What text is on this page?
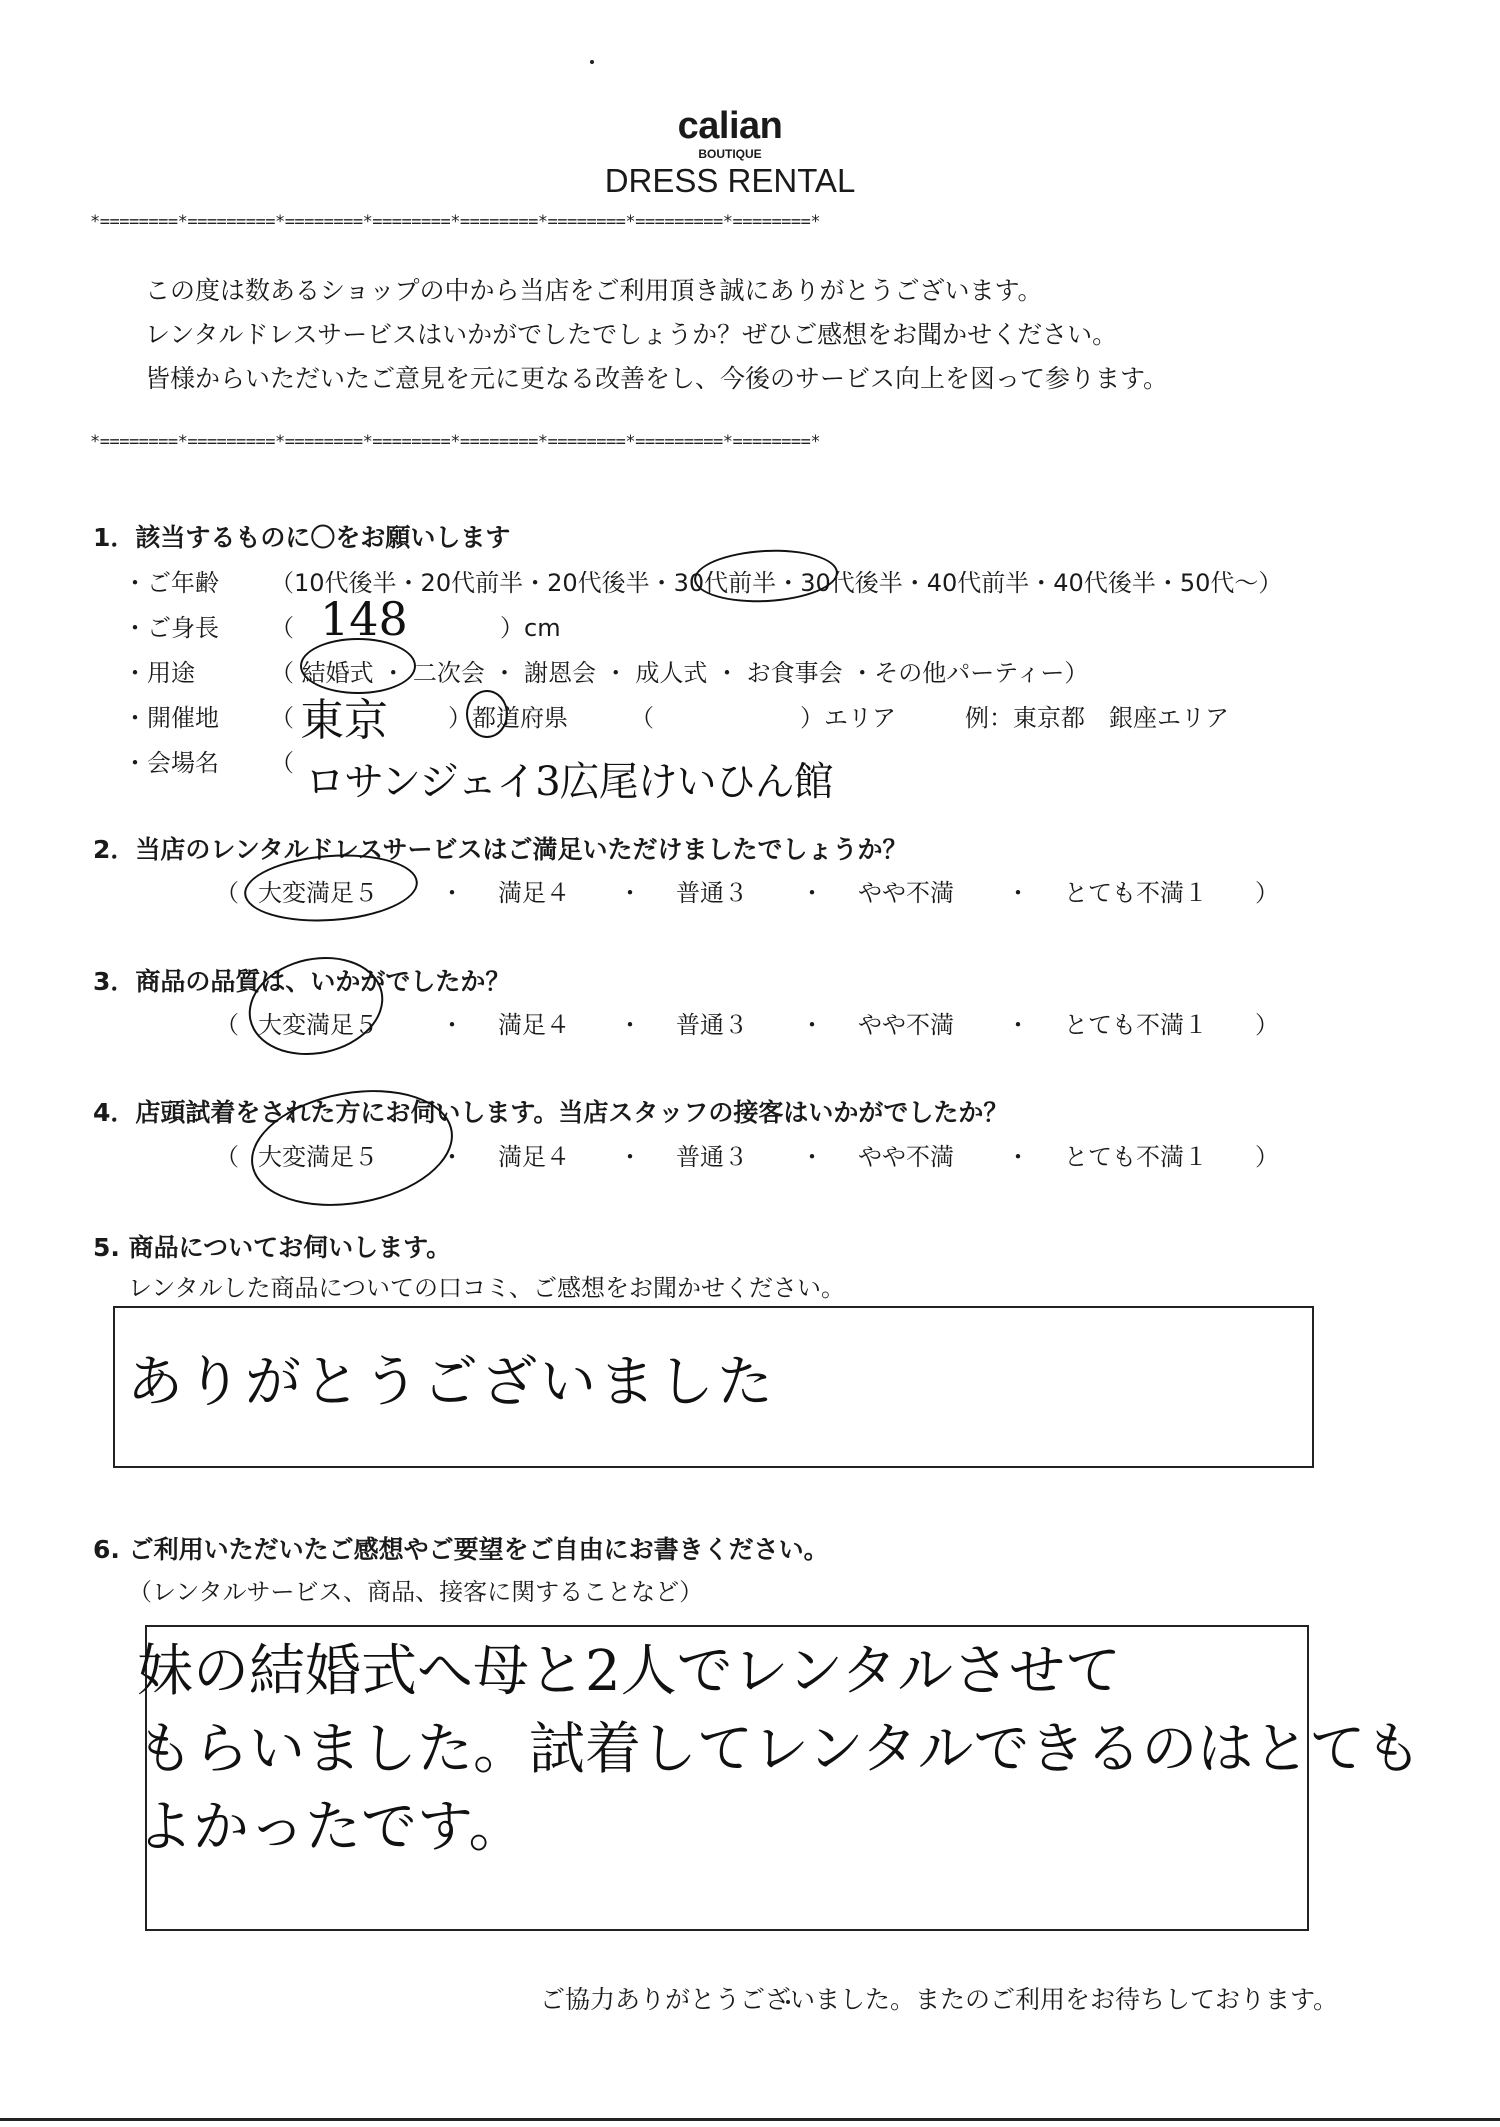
calian
BOUTIQUE
DRESS RENTAL
*========*=========*========*========*========*========*=========*========*
この度は数あるショップの中から当店をご利用頂き誠にありがとうございます。
レンタルドレスサービスはいかがでしたでしょうか？ぜひご感想をお聞かせください。
皆様からいただいたご意見を元に更なる改善をし、今後のサービス向上を図って参ります。
*========*=========*========*========*========*========*=========*========*
1．該当するものに〇をお願いします
・ご年齢 （ 10代後半 ・ 20代前半 ・ 20代後半 ・ 30代前半 ・ 30代後半 ・ 40代前半 ・ 40代後半 ・ 50代～ ）
・ご身長 （ 148	）cm
・用途	（ 結婚式 ・ 二次会 ・ 謝恩会 ・ 成人式 ・ お食事会 ・その他パーティー）
・開催地 （ 東京	）都道府県	（	）エリア	例：東京都　銀座エリア
・会場名 （ ロサンジェイ3広尾けいひん館
2．当店のレンタルドレスサービスはご満足いただけましたでしょうか？
（ 大変満足５	・ 満足４ ・ 普通３ ・ やや不満 ・ とても不満１ ）
3．商品の品質は、いかがでしたか？
（ 大変満足５	・ 満足４ ・ 普通３ ・ やや不満 ・ とても不満１ ）
4．店頭試着をされた方にお伺いします。当店スタッフの接客はいかがでしたか？
（ 大変満足５	・ 満足４ ・ 普通３ ・ やや不満 ・ とても不満１ ）
5. 商品についてお伺いします。
レンタルした商品についての口コミ、ご感想をお聞かせください。
ありがとうございました
6. ご利用いただいたご感想やご要望をご自由にお書きください。
（レンタルサービス、商品、接客に関することなど）
妹の結婚式へ母と2人でレンタルさせて
もらいました。試着してレンタルできるのはとても
よかったです。
ご協力ありがとうございました。またのご利用をお待ちしております。
